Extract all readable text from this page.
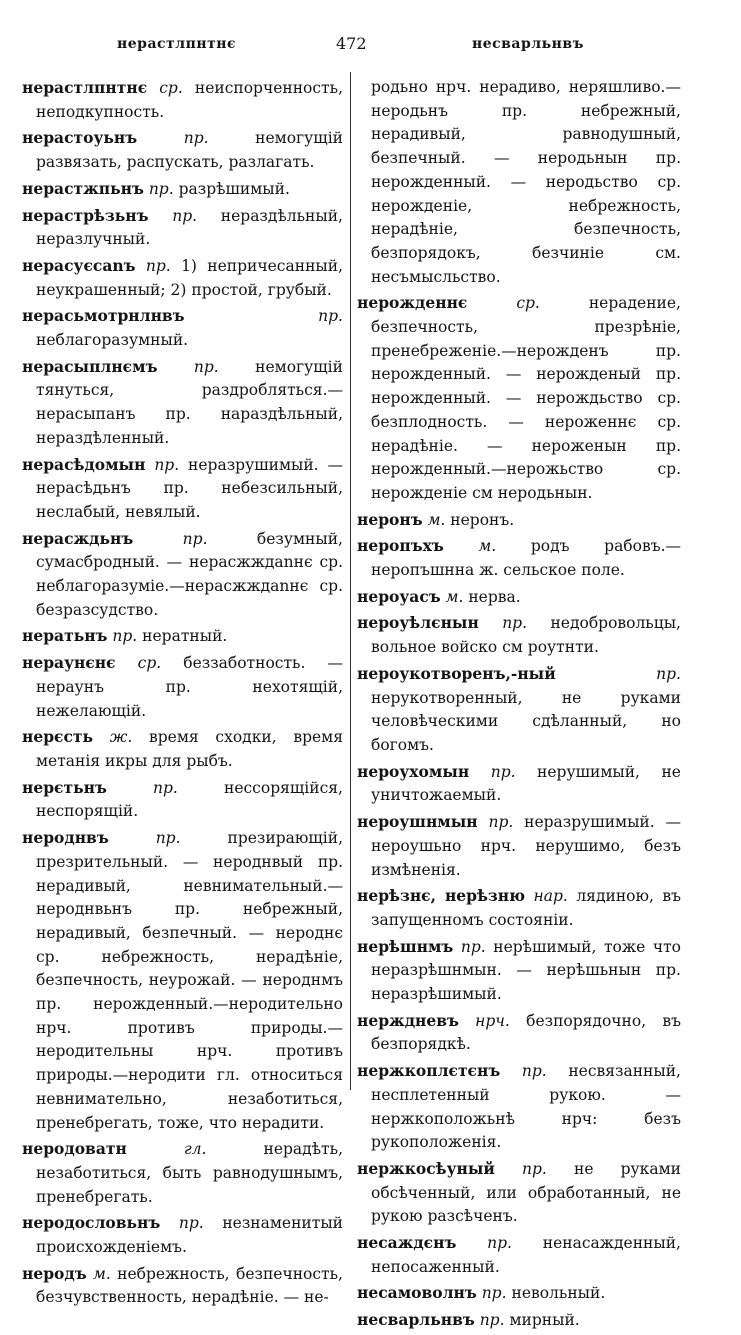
нерастлпнтнє	472	несварльнвъ

нерастлпнтнє ср. неиспорченность, неподкупность.

нерастоуьнъ	пр.	немогущій развязать, распускать, разлагать.

нерастжпьнъ пр. разрѣшимый.

нерастрѣзьнъ пр. нераздѣльный, неразлучный.

нерасуєсаnъ пр. 1) непричесанный, неукрашенный; 2) простой, грубый.

нерасьмотрнлнвъ	пр. неблагоразумный.

нерасыплнємъ пр. немогущій тянуться, раздробляться.—нерасыпанъ пр. нараздѣльный, нераздѣленный.

нерасѣдомын пр. неразрушимый. — нерасѣдьнъ пр. небезсильный, неслабый, невялый.

нерасждьнъ	пр.	безумный, сумасбродный. — нерасжждаnнє ср. неблагоразуміе.—нерасжждаnнє ср. безразсудство.

нератьнъ пр. нератный.

нераунєнє ср. беззаботность. — нераунъ пр. нехотящій, нежелающій.

нерєсть ж. время сходки, время метанія икры для рыбъ.

нерєтьнъ	пр.	нессорящійся, неспорящій.

нероднвъ	пр.	презирающій, презрительный. — нероднвый пр. нерадивый, невнимательный.—нероднвьнъ пр. небрежный, нерадивый, безпечный. — нероднє ср. небрежность, нерадѣніе, безпечность, неурожай. — нероднмъ пр. нерожденный.—неродительно нрч. противъ природы.—неродительны нрч. противъ природы.—неродити гл. относиться невнимательно, незаботиться, пренебрегать, тоже, что нерадити.

неродоватн	гл.	нерадѣть, незаботиться, быть равнодушнымъ, пренебрегать.

неродословьнъ пр. незнаменитый происхожденіемъ.

неродъ м. небрежность, безпечность, безчувственность, нерадѣніе. — не-

родьно нрч. нерадиво, неряшливо.—неродьнъ пр. небрежный, нерадивый, равнодушный, безпечный. — неродьнын пр. нерожденный. — неродьство ср. нерожденіе, небрежность, нерадѣніе, безпечность, безпорядокъ, безчиніе см. несъмысльство.

нерожденнє	ср.	нерадение, безпечность, презрѣніе, пренебреженіе.—нерожденъ пр. нерожденный. — нерожденый пр. нерожденный. — нерождьство ср. безплодность. — нероженнє ср. нерадѣніе. — нероженын пр. нерожденный.—нерожьство ср. нерожденіе см неродьнын.

неронъ м. неронъ.

неропъхъ м. родъ рабовъ.—неропъшннa ж. сельское поле.

нероуасъ м. нерва.

нероуѣлєнын пр. недобровольцы, вольное войско см роутнти.

нероукотворенъ,-ный	пр. нерукотворенный, не руками человѣческими сдѣланный, но богомъ.

нероухомын пр. нерушимый, не уничтожаемый.

нероушнмын пр. неразрушимый. — нероушьно нрч. нерушимо, безъ измѣненія.

нерѣзнє, нерѣзню нар. лядиною, въ запущенномъ состояніи.

нерѣшнмъ пр. нерѣшимый, тоже что неразрѣшнмын. — нерѣшьнын пр. неразрѣшимый.

нерждневъ нрч. безпорядочно, въ безпорядкѣ.

нержкоплєтєнъ пр. несвязанный, несплетенный рукою. — нержкоположьнѣ нрч: безъ рукоположенія.

нержкосѣуный пр. не руками обсѣченный, или обработанный, не рукою разсѣченъ.

несаждєнъ пр. ненасажденный, непосаженный.

несамоволнъ пр. невольный.

несварльнвъ пр. мирный.
